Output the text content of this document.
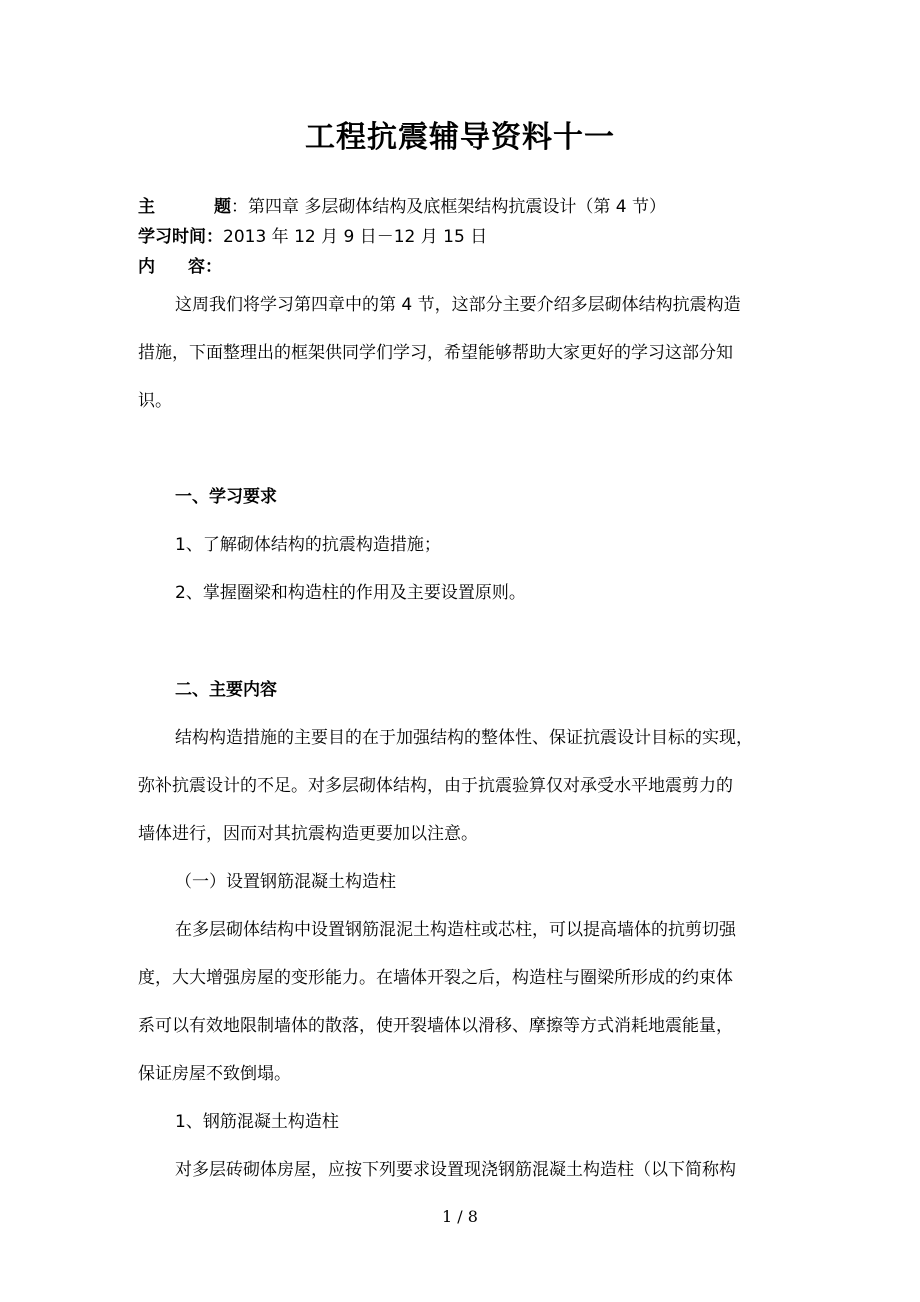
工程抗震辅导资料十一
主	题 ：第四章 多层砌体结构及底框架结构抗震设计（第 4 节）
学习时间：2013 年 12 月 9 日－12 月 15 日
内 容：
这周我们将学习第四章中的第 4 节，这部分主要介绍多层砌体结构抗震构造
措施，下面整理出的框架供同学们学习，希望能够帮助大家更好的学习这部分知
识。
一、学习要求
1、了解砌体结构的抗震构造措施；
2、掌握圈梁和构造柱的作用及主要设置原则。
二、主要内容
结构构造措施的主要目的在于加强结构的整体性、保证抗震设计目标的实现，
弥补抗震设计的不足。对多层砌体结构，由于抗震验算仅对承受水平地震剪力的
墙体进行，因而对其抗震构造更要加以注意。
（一）设置钢筋混凝土构造柱
在多层砌体结构中设置钢筋混泥土构造柱或芯柱，可以提高墙体的抗剪切强
度，大大增强房屋的变形能力。在墙体开裂之后，构造柱与圈梁所形成的约束体
系可以有效地限制墙体的散落，使开裂墙体以滑移、摩擦等方式消耗地震能量，
保证房屋不致倒塌。
1、钢筋混凝土构造柱
对多层砖砌体房屋，应按下列要求设置现浇钢筋混凝土构造柱（以下简称构
1 / 8
